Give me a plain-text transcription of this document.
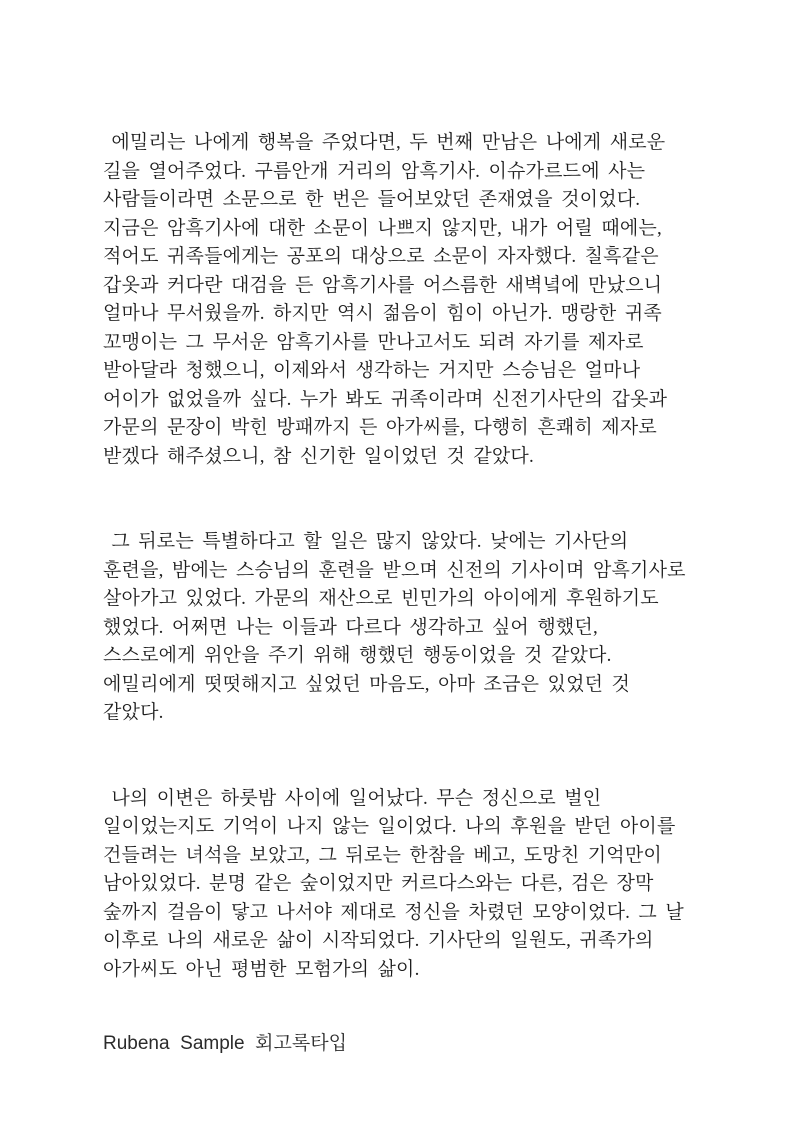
에밀리는 나에게 행복을 주었다면, 두 번째 만남은 나에게 새로운
길을 열어주었다. 구름안개 거리의 암흑기사. 이슈가르드에 사는
사람들이라면 소문으로 한 번은 들어보았던 존재였을 것이었다.
지금은 암흑기사에 대한 소문이 나쁘지 않지만, 내가 어릴 때에는,
적어도 귀족들에게는 공포의 대상으로 소문이 자자했다. 칠흑같은
갑옷과 커다란 대검을 든 암흑기사를 어스름한 새벽녘에 만났으니
얼마나 무서웠을까. 하지만 역시 젊음이 힘이 아닌가. 맹랑한 귀족
꼬맹이는 그 무서운 암흑기사를 만나고서도 되려 자기를 제자로
받아달라 청했으니, 이제와서 생각하는 거지만 스승님은 얼마나
어이가 없었을까 싶다. 누가 봐도 귀족이라며 신전기사단의 갑옷과
가문의 문장이 박힌 방패까지 든 아가씨를, 다행히 흔쾌히 제자로
받겠다 해주셨으니, 참 신기한 일이었던 것 같았다.
그 뒤로는 특별하다고 할 일은 많지 않았다. 낮에는 기사단의
훈련을, 밤에는 스승님의 훈련을 받으며 신전의 기사이며 암흑기사로
살아가고 있었다. 가문의 재산으로 빈민가의 아이에게 후원하기도
했었다. 어쩌면 나는 이들과 다르다 생각하고 싶어 행했던,
스스로에게 위안을 주기 위해 행했던 행동이었을 것 같았다.
에밀리에게 떳떳해지고 싶었던 마음도, 아마 조금은 있었던 것
같았다.
나의 이변은 하룻밤 사이에 일어났다. 무슨 정신으로 벌인
일이었는지도 기억이 나지 않는 일이었다. 나의 후원을 받던 아이를
건들려는 녀석을 보았고, 그 뒤로는 한참을 베고, 도망친 기억만이
남아있었다. 분명 같은 숲이었지만 커르다스와는 다른, 검은 장막
숲까지 걸음이 닿고 나서야 제대로 정신을 차렸던 모양이었다. 그 날
이후로 나의 새로운 삶이 시작되었다. 기사단의 일원도, 귀족가의
아가씨도 아닌 평범한 모험가의 삶이.
Rubena Sample 회고록타입
